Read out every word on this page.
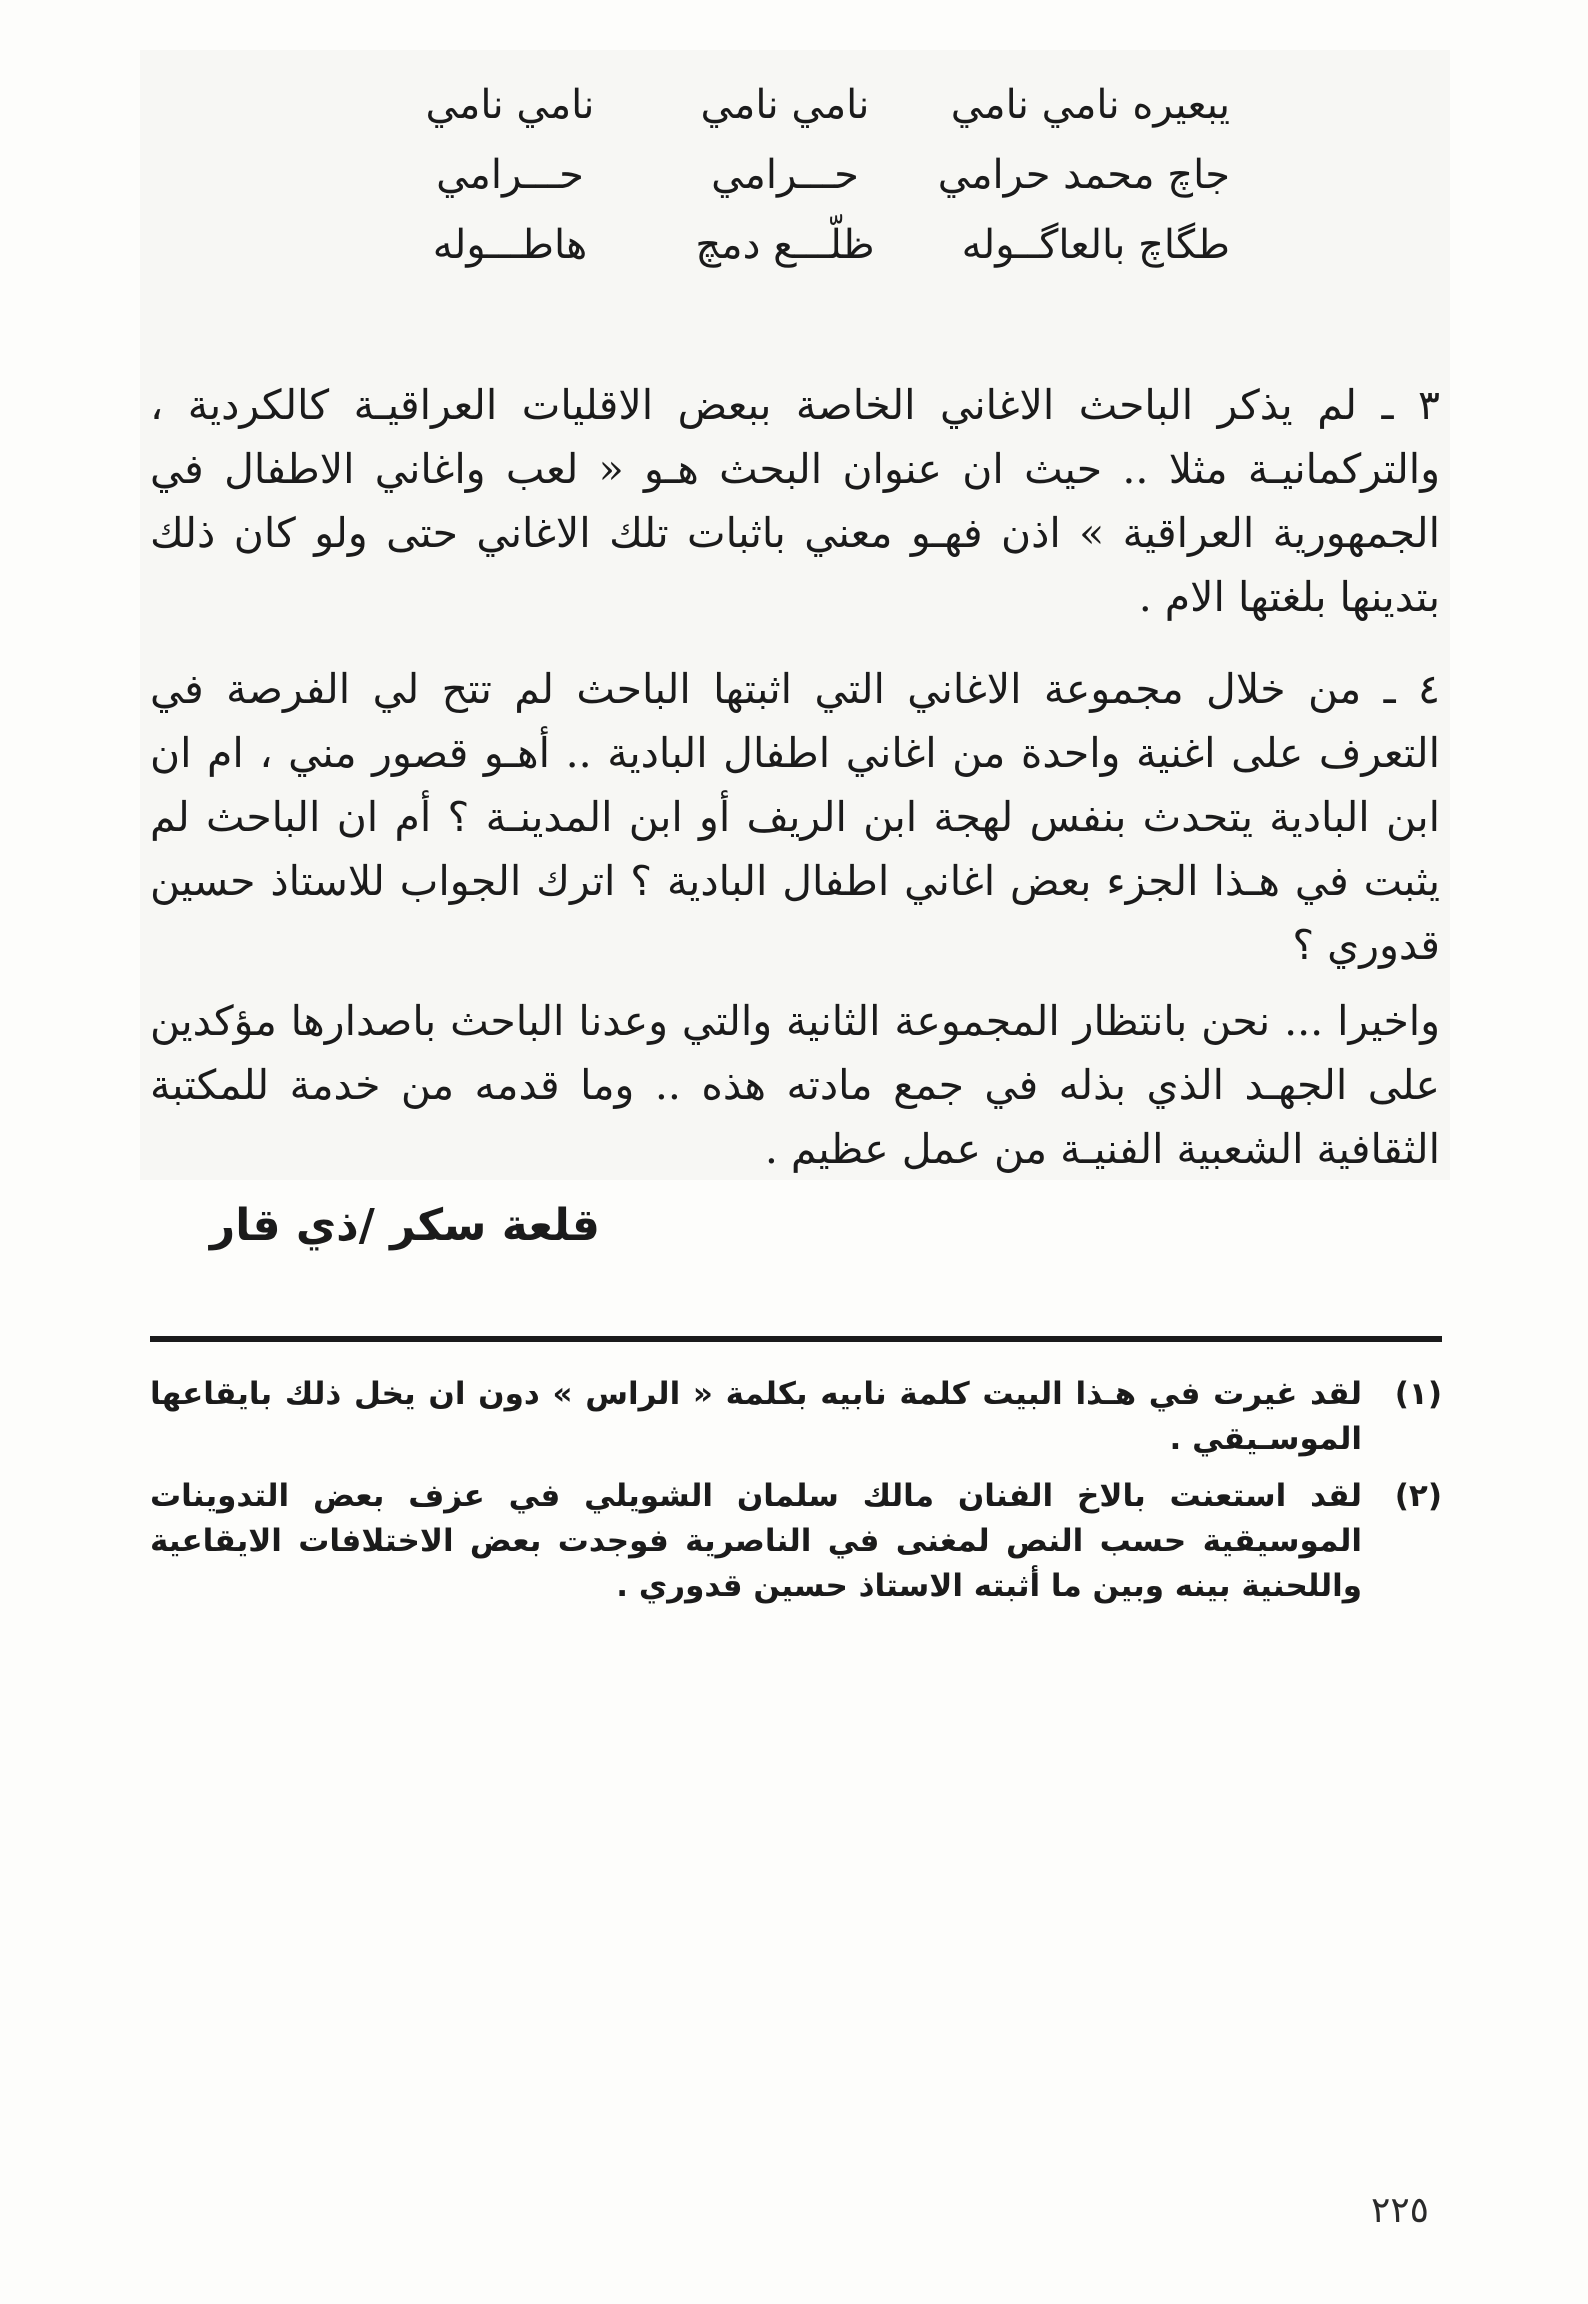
يبعيره نامي نامي
نامي نامي
نامي نامي
جاچ محمد حرامي
حـــرامي
حـــرامي
طگاچ بالعاگــوله
ظلّـــع دمچ
هاطـــوله

٣ ـ لم يذكر الباحث الاغاني الخاصة ببعض الاقليات العراقيـة كالكردية ، والتركمانيـة مثلا .. حيث ان عنوان البحث هـو « لعب واغاني الاطفال في الجمهورية العراقية » اذن فهـو معني باثبات تلك الاغاني حتى ولو كان ذلك بتدينها بلغتها الام .

٤ ـ من خلال مجموعة الاغاني التي اثبتها الباحث لم تتح لي الفرصة في التعرف على اغنية واحدة من اغاني اطفال البادية .. أهـو قصور مني ، ام ان ابن البادية يتحدث بنفس لهجة ابن الريف أو ابن المدينـة ؟ أم ان الباحث لم يثبت في هـذا الجزء بعض اغاني اطفال البادية ؟ اترك الجواب للاستاذ حسين قدوري ؟

واخيرا ... نحن بانتظار المجموعة الثانية والتي وعدنا الباحث باصدارها مؤكدين على الجهـد الذي بذله في جمع مادته هذه .. وما قدمه من خدمة للمكتبة الثقافية الشعبية الفنيـة من عمل عظيم .

قلعة سكر /ذي قار
(١)
لقد غيرت في هـذا البيت كلمة نابيه بكلمة « الراس » دون ان يخل ذلك بايقاعها الموسـيقي .
(٢)
لقد استعنت بالاخ الفنان مالك سلمان الشويلي في عزف بعض التدوينات الموسيقية حسب النص لمغنى في الناصرية فوجدت بعض الاختلافات الايقاعية واللحنية بينه وبين ما أثبته الاستاذ حسين قدوري .
٢٢٥
